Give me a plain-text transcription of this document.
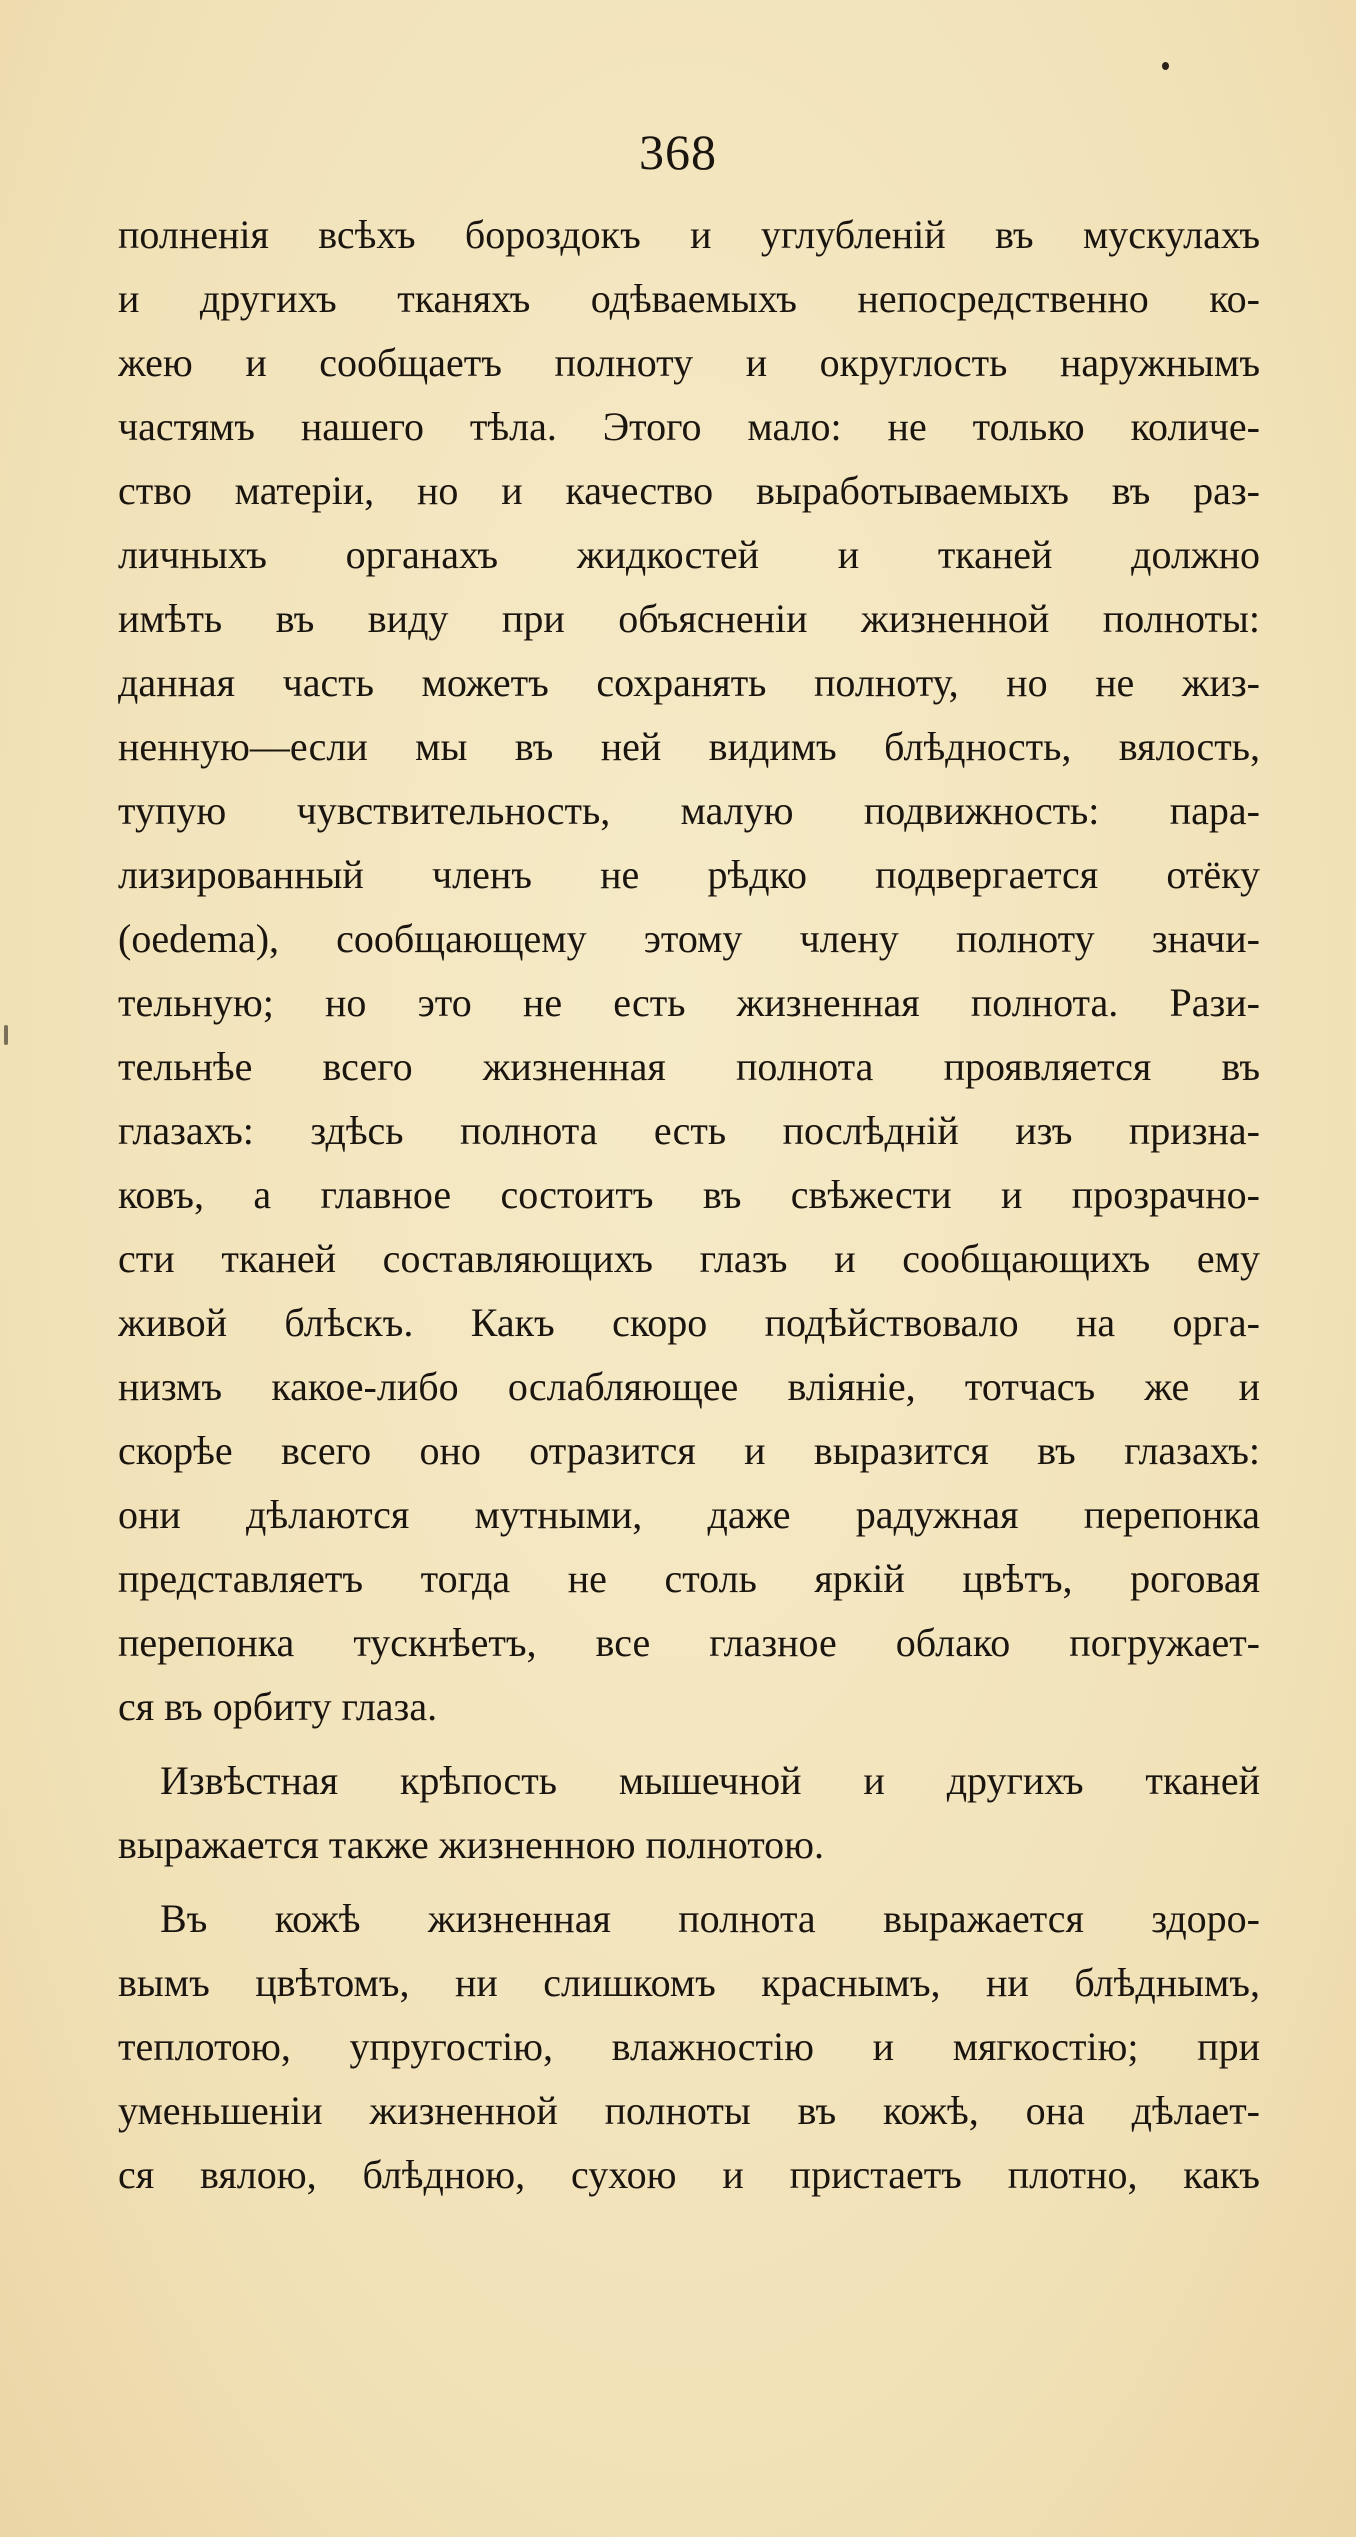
368
полненія всѣхъ бороздокъ и углубленій въ мускулахъ
и другихъ тканяхъ одѣваемыхъ непосредственно ко-
жею и сообщаетъ полноту и округлость наружнымъ
частямъ нашего тѣла. Этого мало: не только количе-
ство матеріи, но и качество выработываемыхъ въ раз-
личныхъ органахъ жидкостей и тканей должно
имѣть въ виду при объясненіи жизненной полноты:
данная часть можетъ сохранять полноту, но не жиз-
ненную—если мы въ ней видимъ блѣдность, вялость,
тупую чувствительность, малую подвижность: пара-
лизированный членъ не рѣдко подвергается отёку
(oedema), сообщающему этому члену полноту значи-
тельную; но это не есть жизненная полнота. Рази-
тельнѣе всего жизненная полнота проявляется въ
глазахъ: здѣсь полнота есть послѣдній изъ призна-
ковъ, а главное состоитъ въ свѣжести и прозрачно-
сти тканей составляющихъ глазъ и сообщающихъ ему
живой блѣскъ. Какъ скоро подѣйствовало на орга-
низмъ какое-либо ослабляющее вліяніе, тотчасъ же и
скорѣе всего оно отразится и выразится въ глазахъ:
они дѣлаются мутными, даже радужная перепонка
представляетъ тогда не столь яркій цвѣтъ, роговая
перепонка тускнѣетъ, все глазное облако погружает-
ся въ орбиту глаза.
Извѣстная крѣпость мышечной и другихъ тканей
выражается также жизненною полнотою.
Въ кожѣ жизненная полнота выражается здоро-
вымъ цвѣтомъ, ни слишкомъ краснымъ, ни блѣднымъ,
теплотою, упругостію, влажностію и мягкостію; при
уменьшеніи жизненной полноты въ кожѣ, она дѣлает-
ся вялою, блѣдною, сухою и пристаетъ плотно, какъ
